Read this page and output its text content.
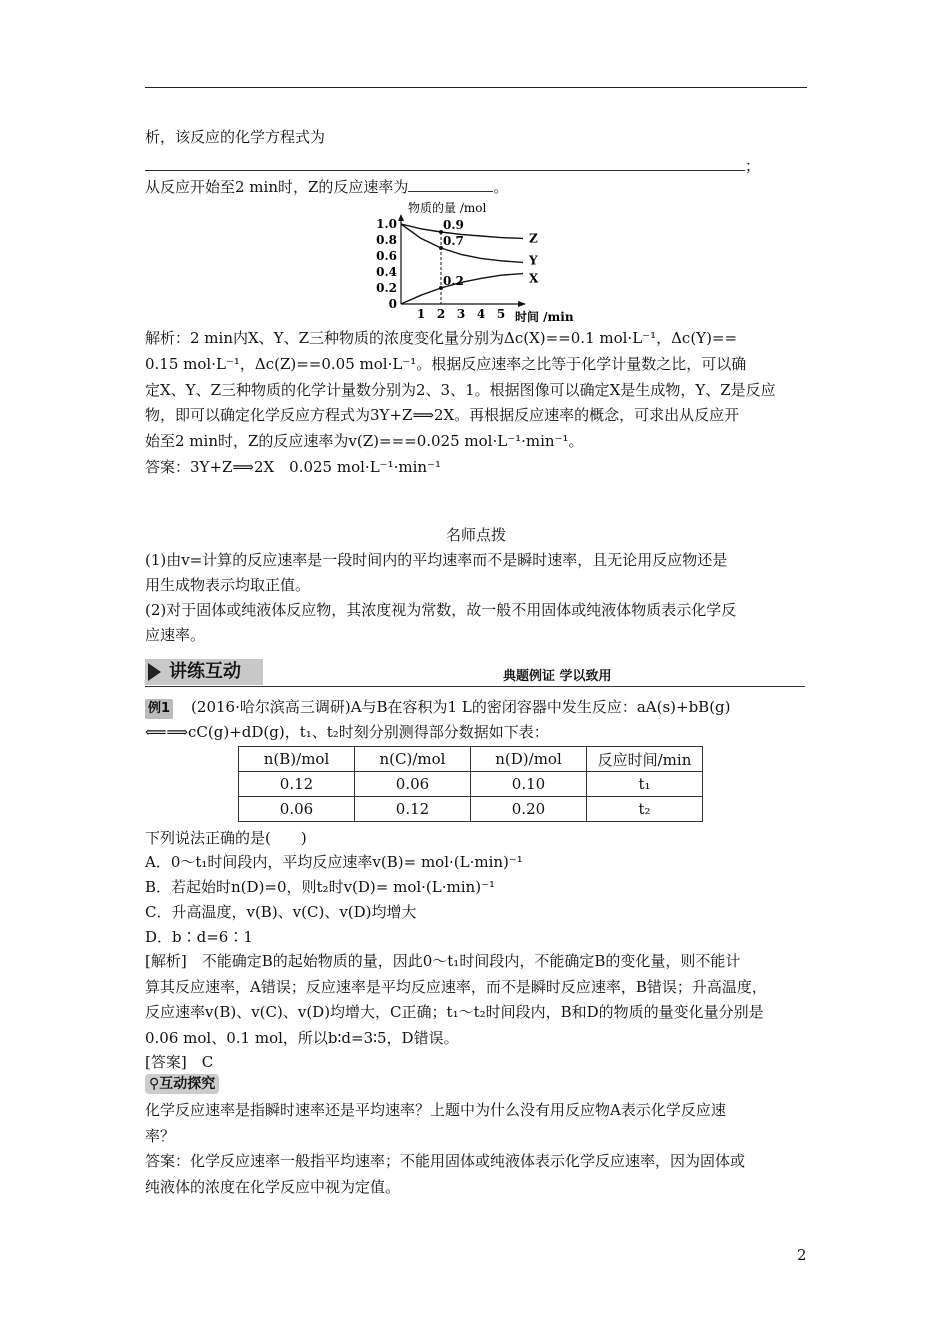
析，该反应的化学方程式为
；
从反应开始至2 min时，Z的反应速率为	。
0
0.2
0.4
0.6
0.8
1.0
1 2 3 4 5
Z
0.9
Y
0.7
X
0.2
物质的量 /mol
时间 /min
解析：2 min内X、Y、Z三种物质的浓度变化量分别为Δc(X)==0.1 mol·L⁻¹，Δc(Y)==
0.15 mol·L⁻¹，Δc(Z)==0.05 mol·L⁻¹。根据反应速率之比等于化学计量数之比，可以确
定X、Y、Z三种物质的化学计量数分别为2、3、1。根据图像可以确定X是生成物，Y、Z是反应
物，即可以确定化学反应方程式为3Y+Z⟹2X。再根据反应速率的概念，可求出从反应开
始至2 min时，Z的反应速率为v(Z)===0.025 mol·L⁻¹·min⁻¹。
答案：3Y+Z⟹2X　0.025 mol·L⁻¹·min⁻¹
名师点拨
(1)由v=计算的反应速率是一段时间内的平均速率而不是瞬时速率，且无论用反应物还是
用生成物表示均取正值。
(2)对于固体或纯液体反应物，其浓度视为常数，故一般不用固体或纯液体物质表示化学反
应速率。
讲练互动	典题例证 学以致用
例1 (2016·哈尔滨高三调研)A与B在容积为1 L的密闭容器中发生反应：aA(s)+bB(g)
⟸⟹cC(g)+dD(g)，t₁、t₂时刻分别测得部分数据如下表：
n(B)/mol	n(C)/mol	n(D)/mol	反应时间/min
0.12	0.06	0.10	t₁
0.06	0.12	0.20	t₂
下列说法正确的是(　　)
A．0～t₁时间段内，平均反应速率v(B)= mol·(L·min)⁻¹
B．若起始时n(D)=0，则t₂时v(D)= mol·(L·min)⁻¹
C．升高温度，v(B)、v(C)、v(D)均增大
D．b∶d=6∶1
[解析]　不能确定B的起始物质的量，因此0～t₁时间段内，不能确定B的变化量，则不能计
算其反应速率，A错误；反应速率是平均反应速率，而不是瞬时反应速率，B错误；升高温度，
反应速率v(B)、v(C)、v(D)均增大，C正确；t₁～t₂时间段内，B和D的物质的量变化量分别是
0.06 mol、0.1 mol，所以b∶d=3∶5，D错误。
[答案]　C
⚲互动探究
化学反应速率是指瞬时速率还是平均速率？上题中为什么没有用反应物A表示化学反应速
率？
答案：化学反应速率一般指平均速率；不能用固体或纯液体表示化学反应速率，因为固体或
纯液体的浓度在化学反应中视为定值。
2
